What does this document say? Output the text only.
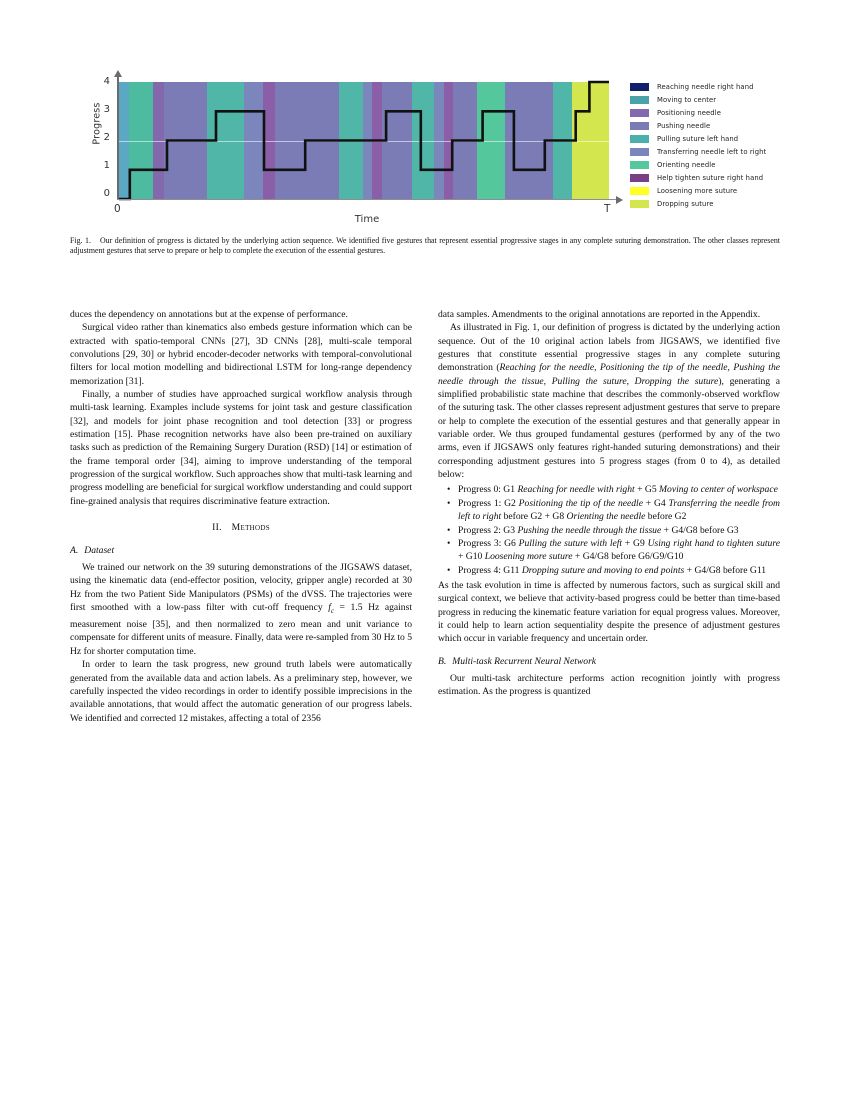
Progress
4
3
2
1
0
0	T
Time
Reaching needle right hand
Moving to center
Positioning needle
Pushing needle
Pulling suture left hand
Transferring needle left to right
Orienting needle
Help tighten suture right hand
Loosening more suture
Dropping suture
Fig. 1. Our definition of progress is dictated by the underlying action sequence. We identified five gestures that represent essential progressive stages in any complete suturing demonstration. The other classes represent adjustment gestures that serve to prepare or help to complete the execution of the essential gestures.

duces the dependency on annotations but at the expense of performance.

Surgical video rather than kinematics also embeds gesture information which can be extracted with spatio-temporal CNNs [27], 3D CNNs [28], multi-scale temporal convolutions [29, 30] or hybrid encoder-decoder networks with temporal-convolutional filters for local motion modelling and bidirectional LSTM for long-range dependency memorization [31].

Finally, a number of studies have approached surgical workflow analysis through multi-task learning. Examples include systems for joint task and gesture classification [32], and models for joint phase recognition and tool detection [33] or progress estimation [15]. Phase recognition networks have also been pre-trained on auxiliary tasks such as prediction of the Remaining Surgery Duration (RSD) [14] or estimation of the frame temporal order [34], aiming to improve understanding of the temporal progression of the surgical workflow. Such approaches show that multi-task learning and progress modelling are beneficial for surgical workflow understanding and could support fine-grained analysis that requires discriminative feature extraction.

II. Methods
A. Dataset

We trained our network on the 39 suturing demonstrations of the JIGSAWS dataset, using the kinematic data (end-effector position, velocity, gripper angle) recorded at 30 Hz from the two Patient Side Manipulators (PSMs) of the dVSS. The trajectories were first smoothed with a low-pass filter with cut-off frequency $f_c = 1.5$ Hz against measurement noise [35], and then normalized to zero mean and unit variance to compensate for different units of measure. Finally, data were re-sampled from 30 Hz to 5 Hz for shorter computation time.

In order to learn the task progress, new ground truth labels were automatically generated from the available data and action labels. As a preliminary step, however, we carefully inspected the video recordings in order to identify possible imprecisions in the available annotations, that would affect the automatic generation of our progress labels. We identified and corrected 12 mistakes, affecting a total of 2356

data samples. Amendments to the original annotations are reported in the Appendix.

As illustrated in Fig. 1, our definition of progress is dictated by the underlying action sequence. Out of the 10 original action labels from JIGSAWS, we identified five gestures that constitute essential progressive stages in any complete suturing demonstration (Reaching for the needle, Positioning the tip of the needle, Pushing the needle through the tissue, Pulling the suture, Dropping the suture), generating a simplified probabilistic state machine that describes the commonly-observed workflow of the suturing task. The other classes represent adjustment gestures that serve to prepare or help to complete the execution of the essential gestures and that generally appear in variable order. We thus grouped fundamental gestures (performed by any of the two arms, even if JIGSAWS only features right-handed suturing demonstrations) and their corresponding adjustment gestures into 5 progress stages (from 0 to 4), as detailed below:

• Progress 0: G1 Reaching for needle with right + G5 Moving to center of workspace
• Progress 1: G2 Positioning the tip of the needle + G4 Transferring the needle from left to right before G2 + G8 Orienting the needle before G2
• Progress 2: G3 Pushing the needle through the tissue + G4/G8 before G3
• Progress 3: G6 Pulling the suture with left + G9 Using right hand to tighten suture + G10 Loosening more suture + G4/G8 before G6/G9/G10
• Progress 4: G11 Dropping suture and moving to end points + G4/G8 before G11

As the task evolution in time is affected by numerous factors, such as surgical skill and surgical context, we believe that activity-based progress could be better than time-based progress in reducing the kinematic feature variation for equal progress values. Moreover, it could help to learn action sequentiality despite the presence of adjustment gestures which occur in variable frequency and uncertain order.

B. Multi-task Recurrent Neural Network

Our multi-task architecture performs action recognition jointly with progress estimation. As the progress is quantized
